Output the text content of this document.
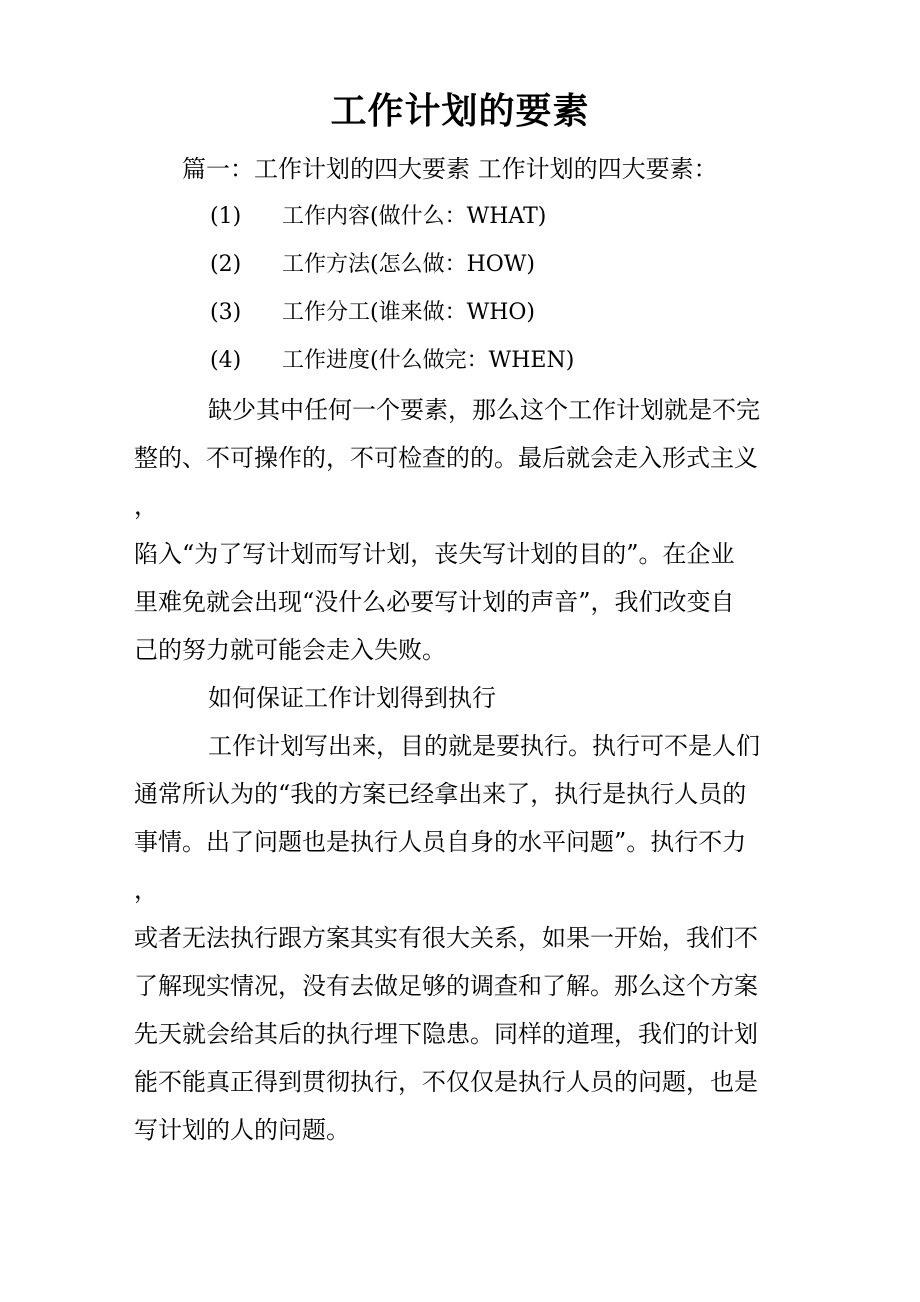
工作计划的要素
篇一：工作计划的四大要素 工作计划的四大要素：
(1) 工作内容(做什么：WHAT)
(2) 工作方法(怎么做：HOW)
(3) 工作分工(谁来做：WHO)
(4) 工作进度(什么做完：WHEN)
缺少其中任何一个要素，那么这个工作计划就是不完
整的、不可操作的，不可检查的的。最后就会走入形式主义
，
陷入“为了写计划而写计划，丧失写计划的目的”。在企业
里难免就会出现“没什么必要写计划的声音”，我们改变自
己的努力就可能会走入失败。
如何保证工作计划得到执行
工作计划写出来，目的就是要执行。执行可不是人们
通常所认为的“我的方案已经拿出来了，执行是执行人员的
事情。出了问题也是执行人员自身的水平问题”。执行不力
，
或者无法执行跟方案其实有很大关系，如果一开始，我们不
了解现实情况，没有去做足够的调查和了解。那么这个方案
先天就会给其后的执行埋下隐患。同样的道理，我们的计划
能不能真正得到贯彻执行，不仅仅是执行人员的问题，也是
写计划的人的问题。
